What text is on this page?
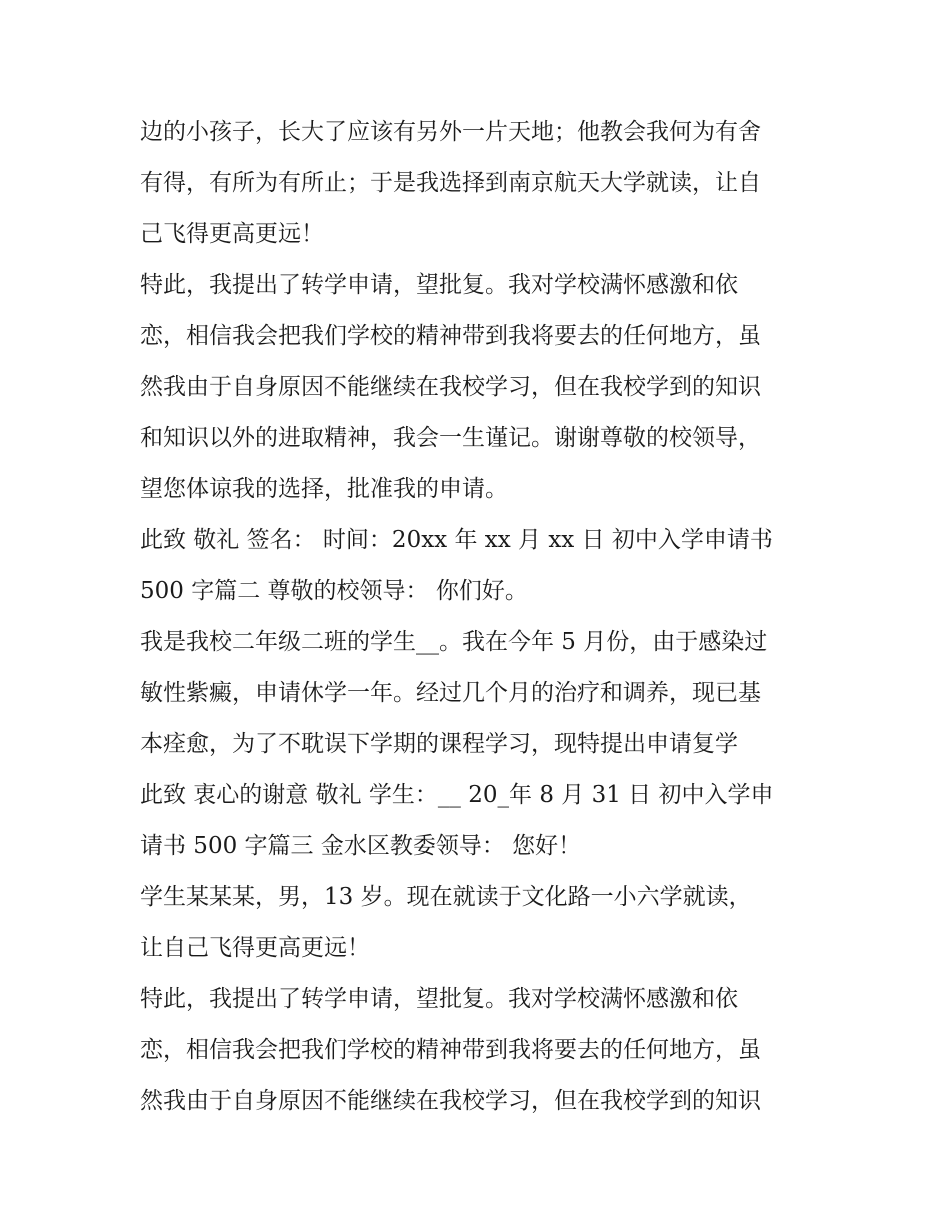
边的小孩子，长大了应该有另外一片天地；他教会我何为有舍
有得，有所为有所止；于是我选择到南京航天大学就读，让自
己飞得更高更远！
特此，我提出了转学申请，望批复。我对学校满怀感激和依
恋，相信我会把我们学校的精神带到我将要去的任何地方，虽
然我由于自身原因不能继续在我校学习，但在我校学到的知识
和知识以外的进取精神，我会一生谨记。谢谢尊敬的校领导，
望您体谅我的选择，批准我的申请。
此致 敬礼 签名： 时间：20xx 年 xx 月 xx 日 初中入学申请书
500 字篇二 尊敬的校领导： 你们好。
我是我校二年级二班的学生__。我在今年 5 月份，由于感染过
敏性紫癜，申请休学一年。经过几个月的治疗和调养，现已基
本痊愈，为了不耽误下学期的课程学习，现特提出申请复学
此致 衷心的谢意 敬礼 学生：__ 20_年 8 月 31 日 初中入学申
请书 500 字篇三 金水区教委领导： 您好！
学生某某某，男，13 岁。现在就读于文化路一小六学就读，
让自己飞得更高更远！
特此，我提出了转学申请，望批复。我对学校满怀感激和依
恋，相信我会把我们学校的精神带到我将要去的任何地方，虽
然我由于自身原因不能继续在我校学习，但在我校学到的知识
